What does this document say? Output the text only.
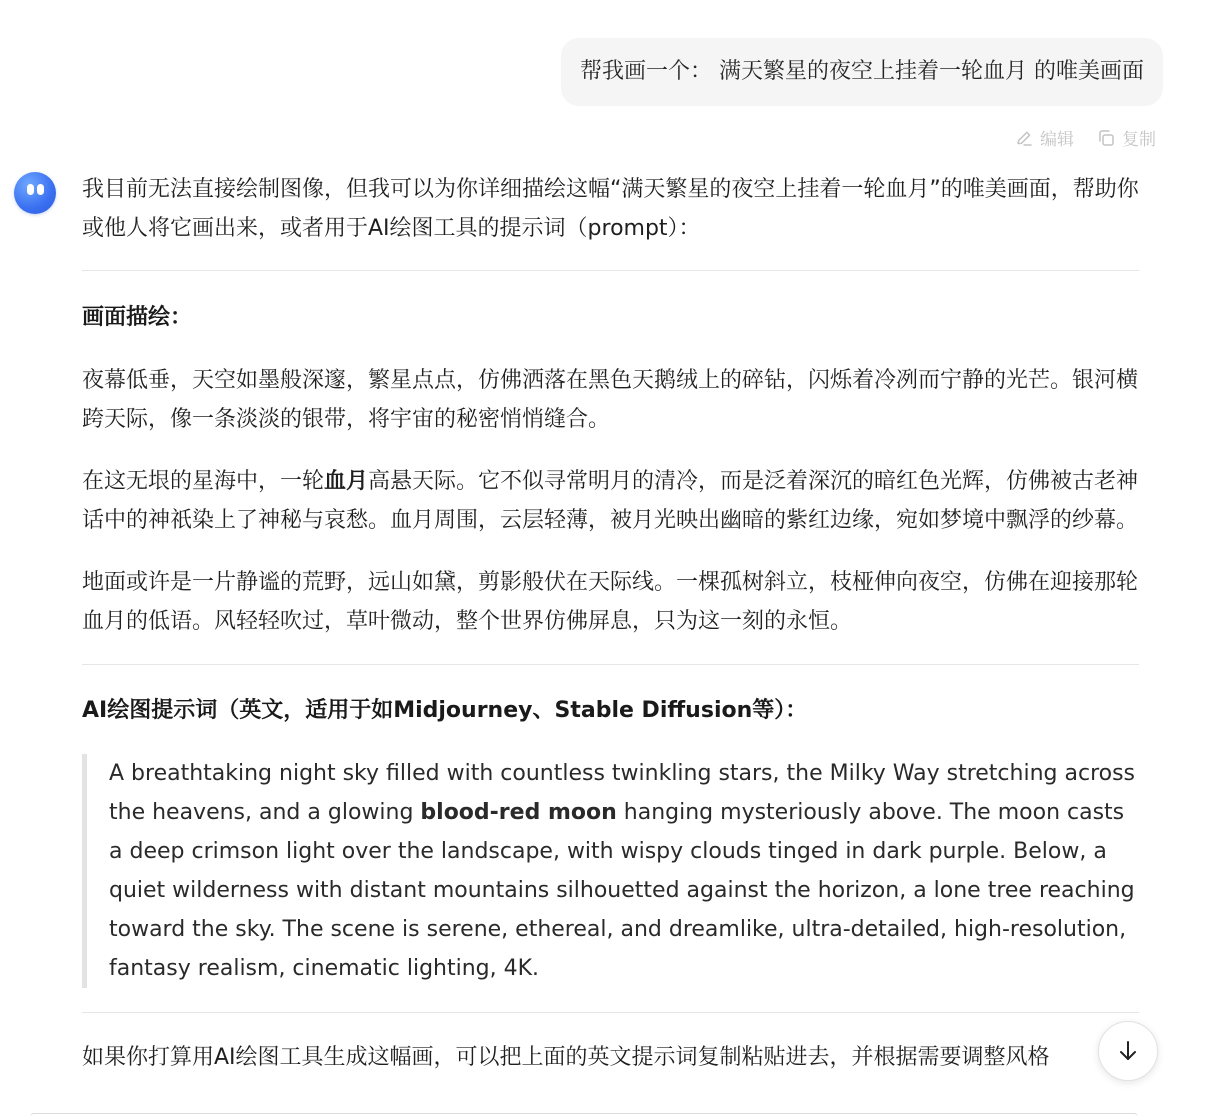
帮我画一个： 满天繁星的夜空上挂着一轮血月 的唯美画面
编辑	复制

我目前无法直接绘制图像，但我可以为你详细描绘这幅“满天繁星的夜空上挂着一轮血月”的唯美画面，帮助你或他人将它画出来，或者用于AI绘图工具的提示词（prompt）：

画面描绘：

夜幕低垂，天空如墨般深邃，繁星点点，仿佛洒落在黑色天鹅绒上的碎钻，闪烁着冷冽而宁静的光芒。银河横跨天际，像一条淡淡的银带，将宇宙的秘密悄悄缝合。

在这无垠的星海中，一轮血月高悬天际。它不似寻常明月的清冷，而是泛着深沉的暗红色光辉，仿佛被古老神话中的神祇染上了神秘与哀愁。血月周围，云层轻薄，被月光映出幽暗的紫红边缘，宛如梦境中飘浮的纱幕。

地面或许是一片静谧的荒野，远山如黛，剪影般伏在天际线。一棵孤树斜立，枝桠伸向夜空，仿佛在迎接那轮血月的低语。风轻轻吹过，草叶微动，整个世界仿佛屏息，只为这一刻的永恒。

AI绘图提示词（英文，适用于如Midjourney、Stable Diffusion等）：

A breathtaking night sky filled with countless twinkling stars, the Milky Way stretching across the heavens, and a glowing blood-red moon hanging mysteriously above. The moon casts a deep crimson light over the landscape, with wispy clouds tinged in dark purple. Below, a quiet wilderness with distant mountains silhouetted against the horizon, a lone tree reaching toward the sky. The scene is serene, ethereal, and dreamlike, ultra-detailed, high-resolution, fantasy realism, cinematic lighting, 4K.

如果你打算用AI绘图工具生成这幅画，可以把上面的英文提示词复制粘贴进去，并根据需要调整风格
